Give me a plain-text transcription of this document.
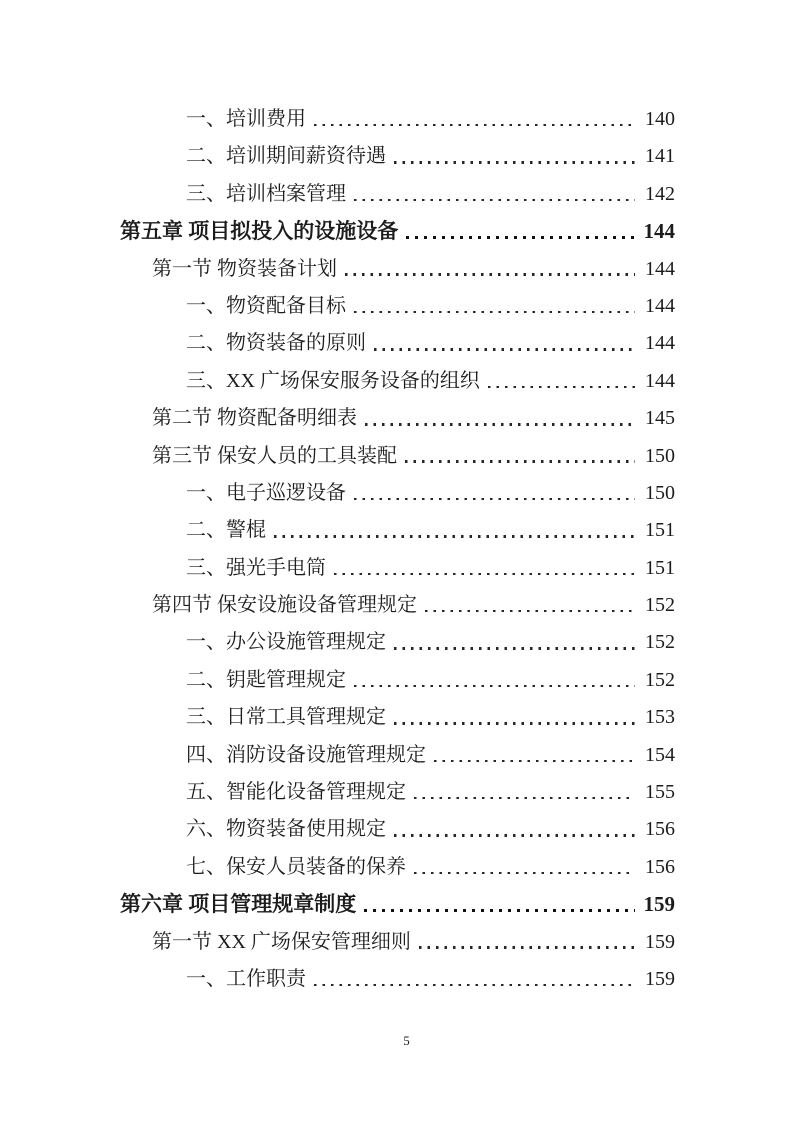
一、培训费用	140
二、培训期间薪资待遇	141
三、培训档案管理	142
第五章 项目拟投入的设施设备	144
第一节 物资装备计划	144
一、物资配备目标	144
二、物资装备的原则	144
三、XX 广场保安服务设备的组织	144
第二节 物资配备明细表	145
第三节 保安人员的工具装配	150
一、电子巡逻设备	150
二、警棍	151
三、强光手电筒	151
第四节 保安设施设备管理规定	152
一、办公设施管理规定	152
二、钥匙管理规定	152
三、日常工具管理规定	153
四、消防设备设施管理规定	154
五、智能化设备管理规定	155
六、物资装备使用规定	156
七、保安人员装备的保养	156
第六章 项目管理规章制度	159
第一节 XX 广场保安管理细则	159
一、工作职责	159
5
